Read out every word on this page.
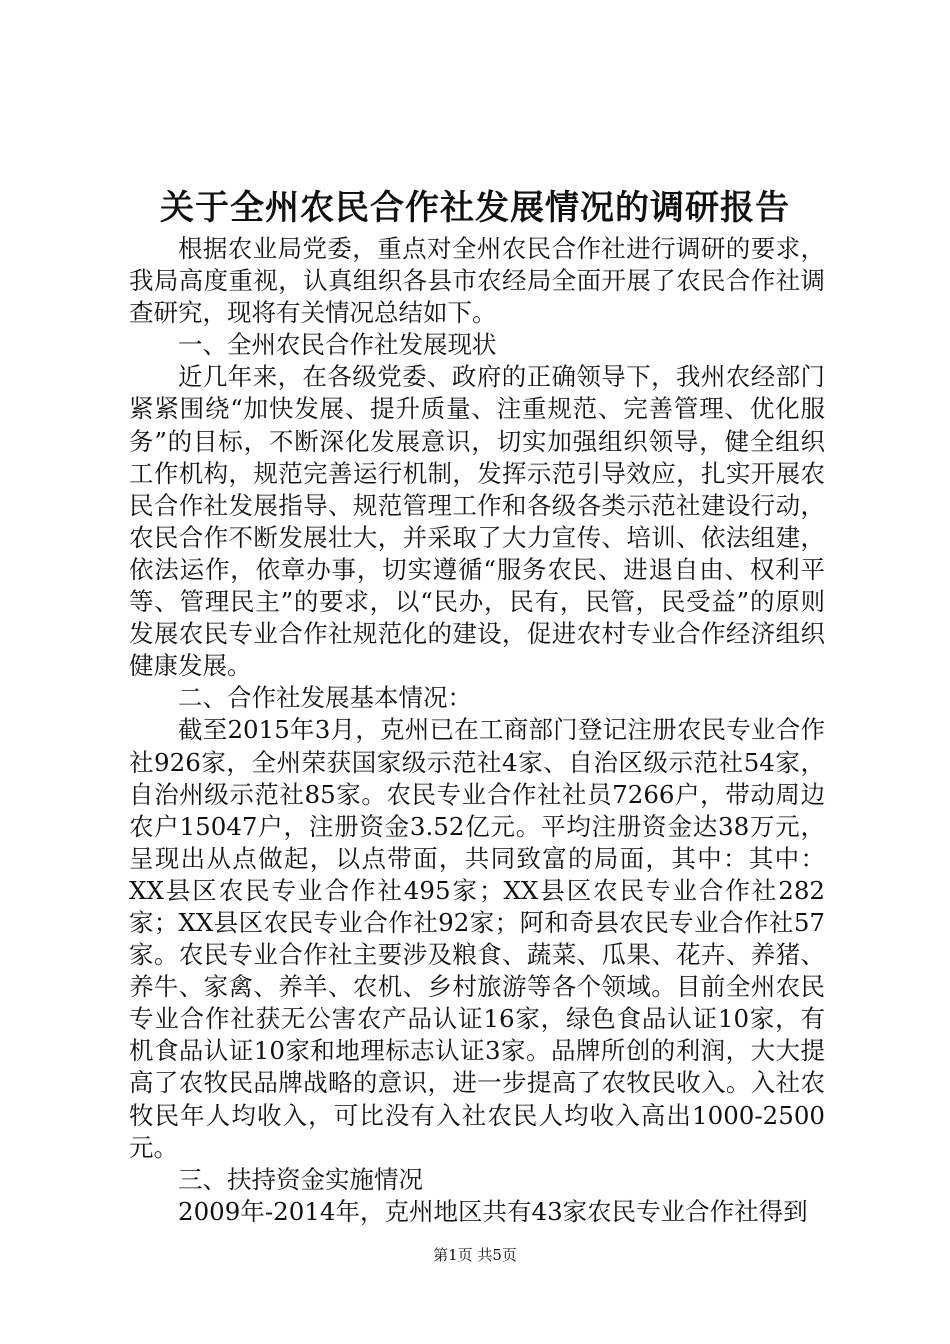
关于全州农民合作社发展情况的调研报告

根据农业局党委，重点对全州农民合作社进行调研的要求，我局高度重视，认真组织各县市农经局全面开展了农民合作社调查研究，现将有关情况总结如下。

一、全州农民合作社发展现状

近几年来，在各级党委、政府的正确领导下，我州农经部门紧紧围绕“加快发展、提升质量、注重规范、完善管理、优化服务”的目标，不断深化发展意识，切实加强组织领导，健全组织工作机构，规范完善运行机制，发挥示范引导效应，扎实开展农民合作社发展指导、规范管理工作和各级各类示范社建设行动，农民合作不断发展壮大，并采取了大力宣传、培训、依法组建，依法运作，依章办事，切实遵循“服务农民、进退自由、权利平等、管理民主”的要求，以“民办，民有，民管，民受益”的原则发展农民专业合作社规范化的建设，促进农村专业合作经济组织健康发展。

二、合作社发展基本情况：

截至2015年3月，克州已在工商部门登记注册农民专业合作社926家，全州荣获国家级示范社4家、自治区级示范社54家，自治州级示范社85家。农民专业合作社社员7266户，带动周边农户15047户，注册资金3.52亿元。平均注册资金达38万元，呈现出从点做起，以点带面，共同致富的局面，其中：其中：XX县区农民专业合作社495家；XX县区农民专业合作社282家；XX县区农民专业合作社92家；阿和奇县农民专业合作社57家。农民专业合作社主要涉及粮食、蔬菜、瓜果、花卉、养猪、养牛、家禽、养羊、农机、乡村旅游等各个领域。目前全州农民专业合作社获无公害农产品认证16家，绿色食品认证10家，有机食品认证10家和地理标志认证3家。品牌所创的利润，大大提高了农牧民品牌战略的意识，进一步提高了农牧民收入。入社农牧民年人均收入，可比没有入社农民人均收入高出1000-2500元。

三、扶持资金实施情况

2009年-2014年，克州地区共有43家农民专业合作社得到

第1页 共5页
